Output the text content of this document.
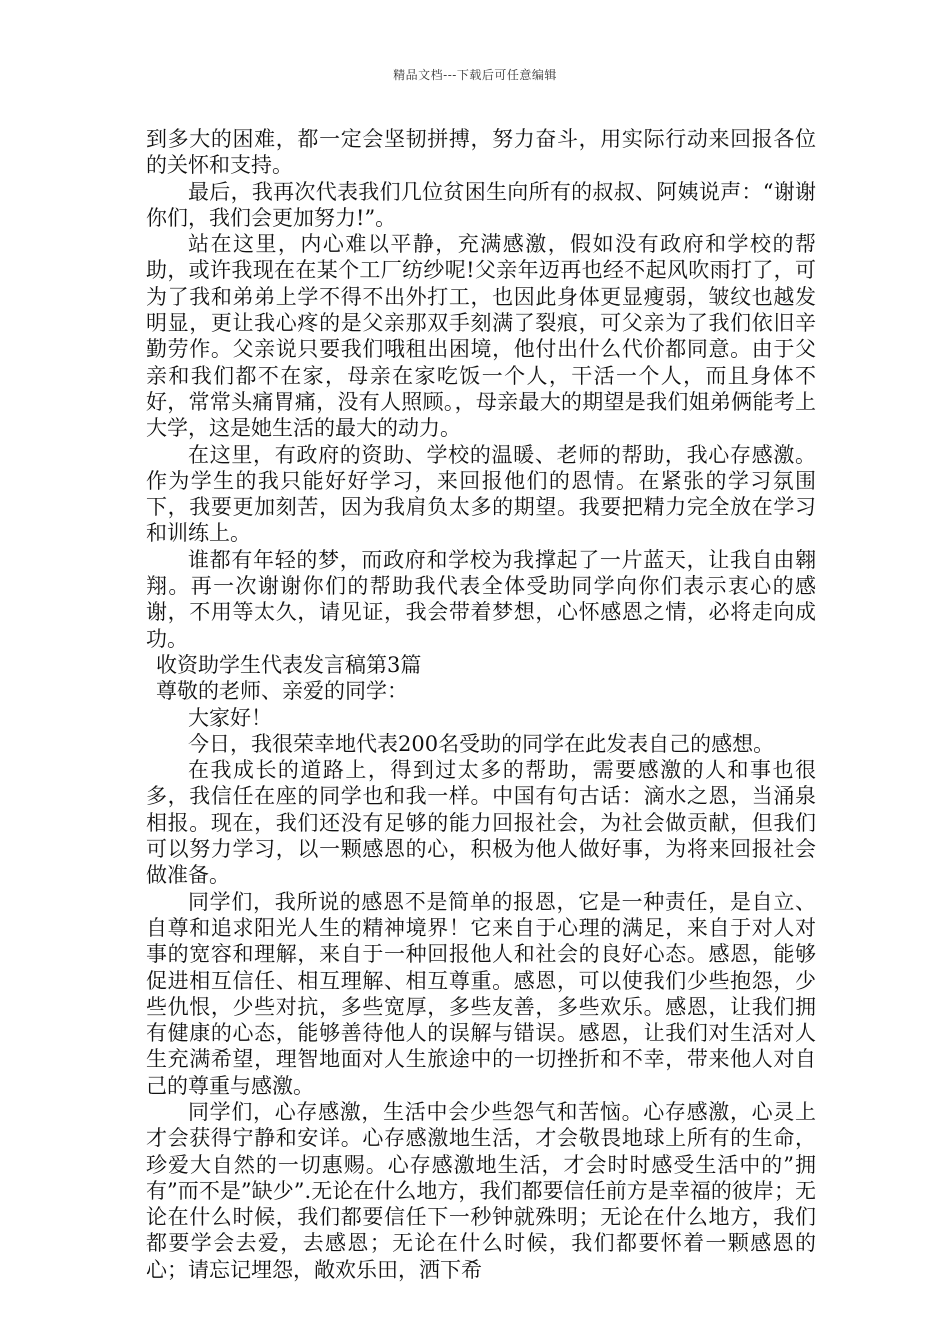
精品文档---下载后可任意编辑

到多大的困难，都一定会坚韧拼搏，努力奋斗，用实际行动来回报各位的关怀和支持。

最后，我再次代表我们几位贫困生向所有的叔叔、阿姨说声：“谢谢你们，我们会更加努力!”。

站在这里，内心难以平静，充满感激，假如没有政府和学校的帮助，或许我现在在某个工厂纺纱呢!父亲年迈再也经不起风吹雨打了，可为了我和弟弟上学不得不出外打工，也因此身体更显瘦弱，皱纹也越发明显，更让我心疼的是父亲那双手刻满了裂痕，可父亲为了我们依旧辛勤劳作。父亲说只要我们哦租出困境，他付出什么代价都同意。由于父亲和我们都不在家，母亲在家吃饭一个人，干活一个人，而且身体不好，常常头痛胃痛，没有人照顾。，母亲最大的期望是我们姐弟俩能考上大学，这是她生活的最大的动力。

在这里，有政府的资助、学校的温暖、老师的帮助，我心存感激。作为学生的我只能好好学习，来回报他们的恩情。在紧张的学习氛围下，我要更加刻苦，因为我肩负太多的期望。我要把精力完全放在学习和训练上。

谁都有年轻的梦，而政府和学校为我撑起了一片蓝天，让我自由翱翔。再一次谢谢你们的帮助我代表全体受助同学向你们表示衷心的感谢，不用等太久，请见证，我会带着梦想，心怀感恩之情，必将走向成功。

收资助学生代表发言稿第3篇

尊敬的老师、亲爱的同学：

大家好！

今日，我很荣幸地代表200名受助的同学在此发表自己的感想。

在我成长的道路上，得到过太多的帮助，需要感激的人和事也很多，我信任在座的同学也和我一样。中国有句古话：滴水之恩，当涌泉相报。现在，我们还没有足够的能力回报社会，为社会做贡献，但我们可以努力学习，以一颗感恩的心，积极为他人做好事，为将来回报社会做准备。

同学们，我所说的感恩不是简单的报恩，它是一种责任，是自立、自尊和追求阳光人生的精神境界！它来自于心理的满足，来自于对人对事的宽容和理解，来自于一种回报他人和社会的良好心态。感恩，能够促进相互信任、相互理解、相互尊重。感恩，可以使我们少些抱怨，少些仇恨，少些对抗，多些宽厚，多些友善，多些欢乐。感恩，让我们拥有健康的心态，能够善待他人的误解与错误。感恩，让我们对生活对人生充满希望，理智地面对人生旅途中的一切挫折和不幸，带来他人对自己的尊重与感激。

同学们，心存感激，生活中会少些怨气和苦恼。心存感激，心灵上才会获得宁静和安详。心存感激地生活，才会敬畏地球上所有的生命，珍爱大自然的一切惠赐。心存感激地生活，才会时时感受生活中的”拥有”而不是”缺少”.无论在什么地方，我们都要信任前方是幸福的彼岸；无论在什么时候，我们都要信任下一秒钟就殊明；无论在什么地方，我们都要学会去爱，去感恩；无论在什么时候，我们都要怀着一颗感恩的心；请忘记埋怨，敞欢乐田，洒下希
